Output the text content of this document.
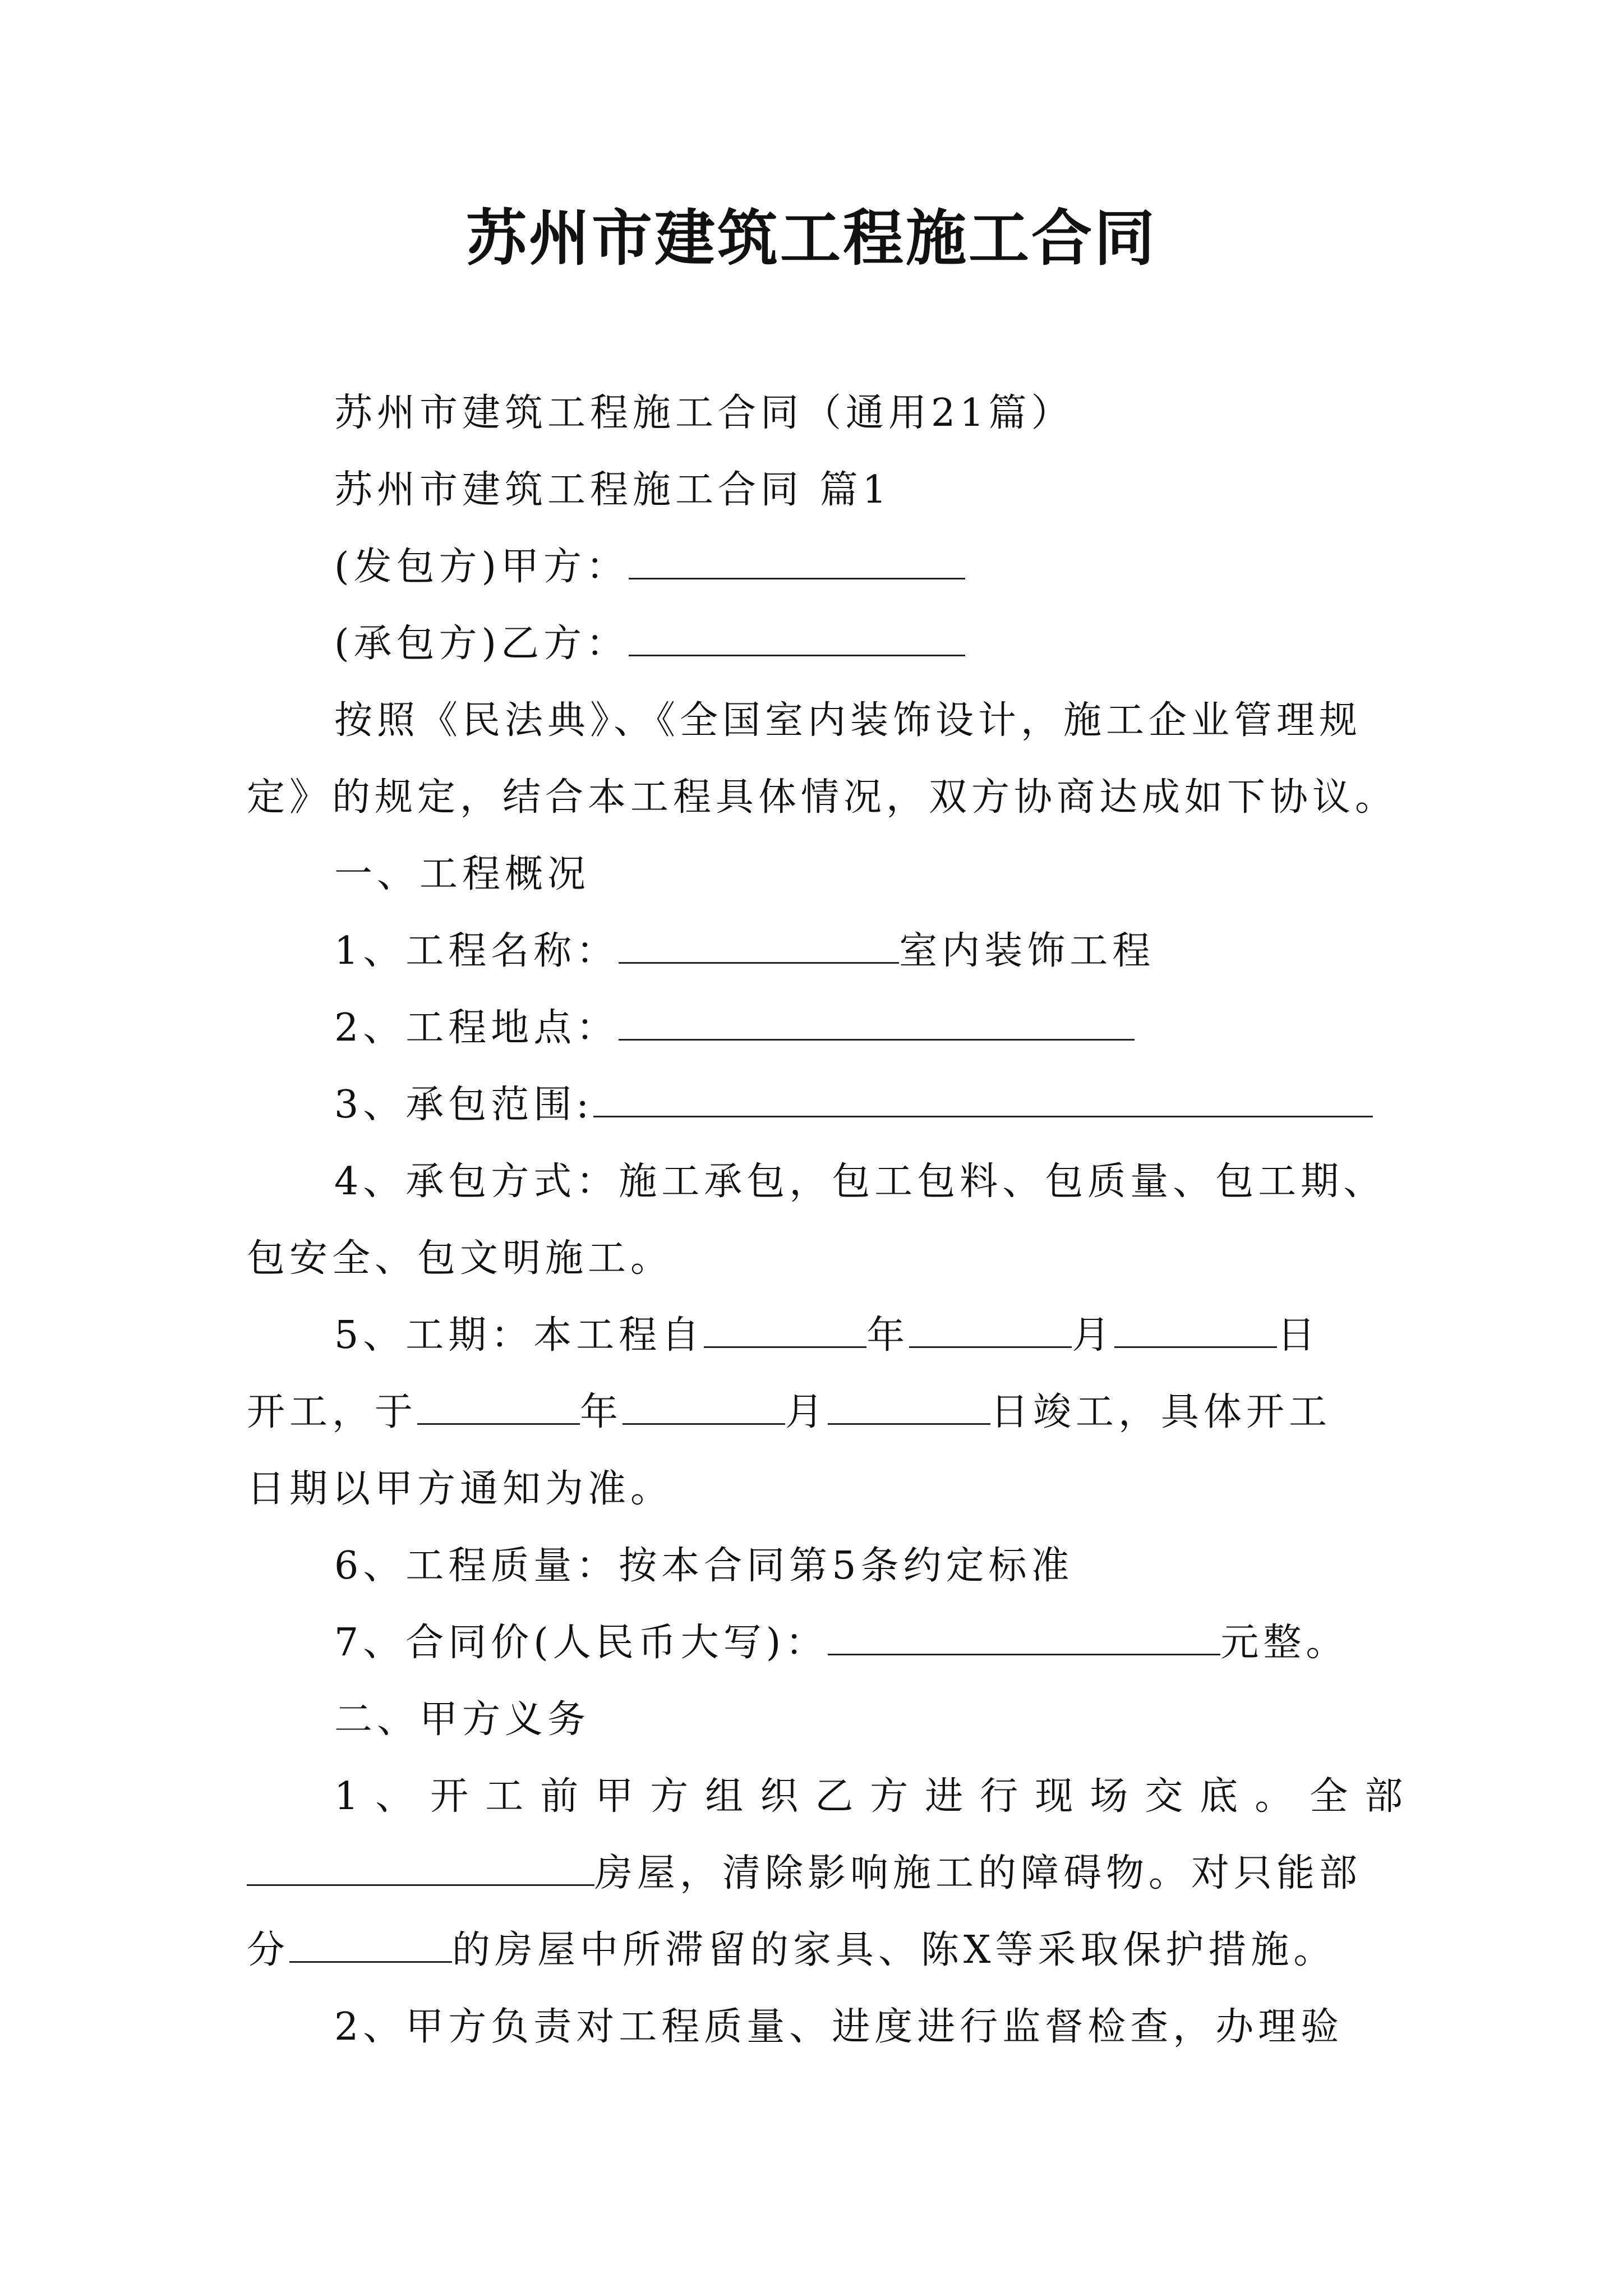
苏州市建筑工程施工合同
苏州市建筑工程施工合同（通用21篇）
苏州市建筑工程施工合同 篇1
(发包方)甲方：
(承包方)乙方：
按照《民法典》、《全国室内装饰设计，施工企业管理规
定》的规定，结合本工程具体情况，双方协商达成如下协议。
一、工程概况
1、工程名称：	室内装饰工程
2、工程地点：
3、承包范围:
4、承包方式：施工承包，包工包料、包质量、包工期、
包安全、包文明施工。
5、工期：本工程自	年	月	日
开工，于	年	月	日竣工，具体开工
日期以甲方通知为准。
6、工程质量：按本合同第5条约定标准
7、合同价(人民币大写)：	元整。
二、甲方义务
1、开工前甲方组织乙方进行现场交底。全部
房屋，清除影响施工的障碍物。对只能部
分	的房屋中所滞留的家具、陈X等采取保护措施。
2、甲方负责对工程质量、进度进行监督检查，办理验
